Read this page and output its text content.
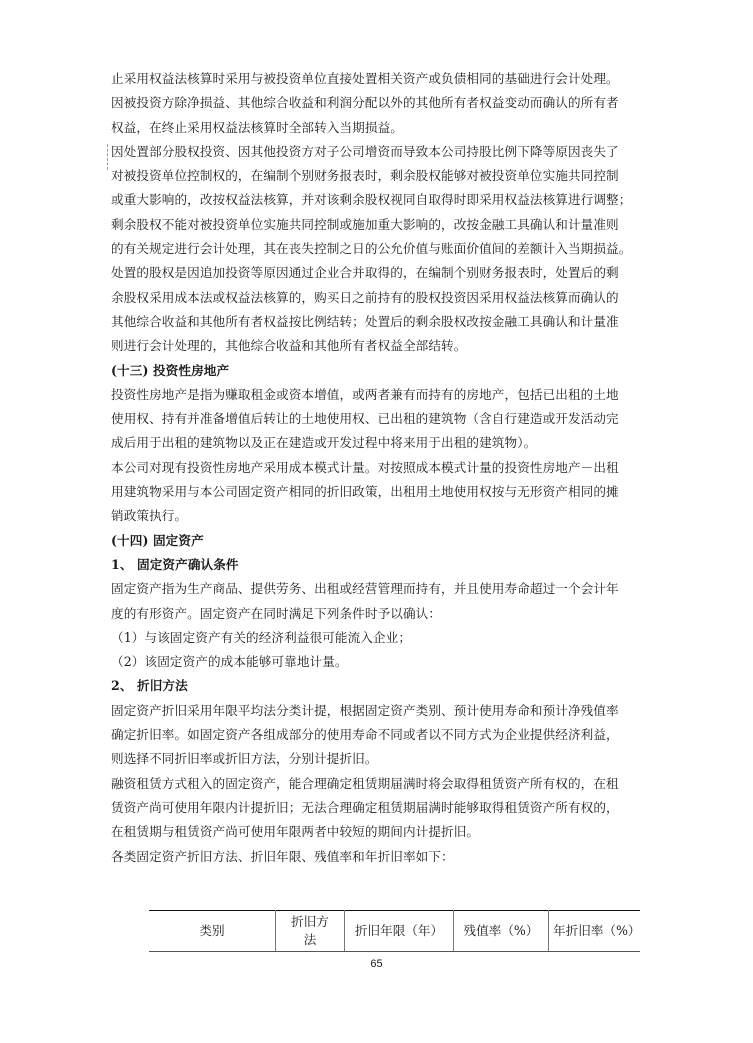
止采用权益法核算时采用与被投资单位直接处置相关资产或负债相同的基础进行会计处理。

因被投资方除净损益、其他综合收益和利润分配以外的其他所有者权益变动而确认的所有者

权益，在终止采用权益法核算时全部转入当期损益。

因处置部分股权投资、因其他投资方对子公司增资而导致本公司持股比例下降等原因丧失了

对被投资单位控制权的，在编制个别财务报表时，剩余股权能够对被投资单位实施共同控制

或重大影响的，改按权益法核算，并对该剩余股权视同自取得时即采用权益法核算进行调整；

剩余股权不能对被投资单位实施共同控制或施加重大影响的，改按金融工具确认和计量准则

的有关规定进行会计处理，其在丧失控制之日的公允价值与账面价值间的差额计入当期损益。

处置的股权是因追加投资等原因通过企业合并取得的，在编制个别财务报表时，处置后的剩

余股权采用成本法或权益法核算的，购买日之前持有的股权投资因采用权益法核算而确认的

其他综合收益和其他所有者权益按比例结转；处置后的剩余股权改按金融工具确认和计量准

则进行会计处理的，其他综合收益和其他所有者权益全部结转。

(十三) 投资性房地产

投资性房地产是指为赚取租金或资本增值，或两者兼有而持有的房地产，包括已出租的土地

使用权、持有并准备增值后转让的土地使用权、已出租的建筑物（含自行建造或开发活动完

成后用于出租的建筑物以及正在建造或开发过程中将来用于出租的建筑物）。

本公司对现有投资性房地产采用成本模式计量。对按照成本模式计量的投资性房地产－出租

用建筑物采用与本公司固定资产相同的折旧政策，出租用土地使用权按与无形资产相同的摊

销政策执行。

(十四) 固定资产

1、 固定资产确认条件

固定资产指为生产商品、提供劳务、出租或经营管理而持有，并且使用寿命超过一个会计年

度的有形资产。固定资产在同时满足下列条件时予以确认：

（1）与该固定资产有关的经济利益很可能流入企业；

（2）该固定资产的成本能够可靠地计量。

2、 折旧方法

固定资产折旧采用年限平均法分类计提，根据固定资产类别、预计使用寿命和预计净残值率

确定折旧率。如固定资产各组成部分的使用寿命不同或者以不同方式为企业提供经济利益，

则选择不同折旧率或折旧方法，分别计提折旧。

融资租赁方式租入的固定资产，能合理确定租赁期届满时将会取得租赁资产所有权的，在租

赁资产尚可使用年限内计提折旧；无法合理确定租赁期届满时能够取得租赁资产所有权的，

在租赁期与租赁资产尚可使用年限两者中较短的期间内计提折旧。

各类固定资产折旧方法、折旧年限、残值率和年折旧率如下：

类别	折旧方法	折旧年限（年）	残值率（%）	年折旧率（%）
65
